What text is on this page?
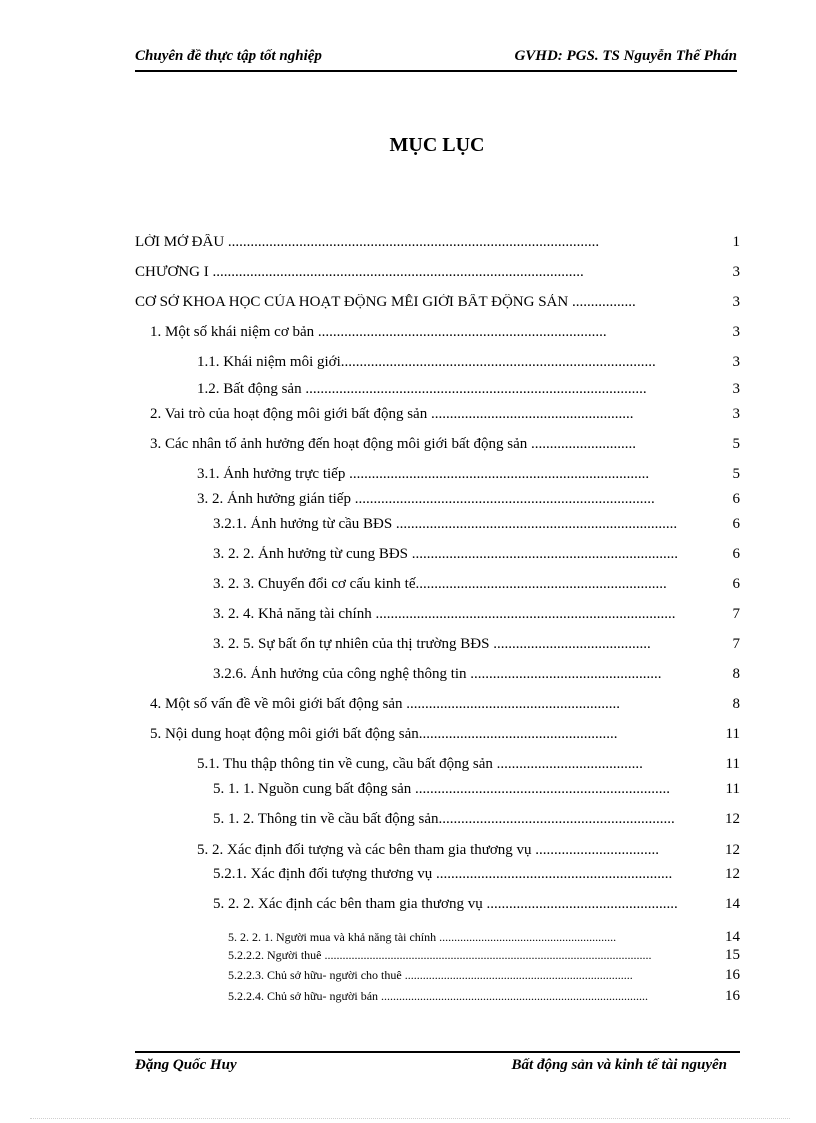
Chuyên đề thực tập tốt nghiệp	GVHD: PGS. TS Nguyễn Thế Phán
MỤC LỤC
LỜI MỞ ĐẦU ...................................................................................................	1
CHƯƠNG I ...................................................................................................	3
CƠ SỞ KHOA HỌC CỦA HOẠT ĐỘNG MỄI GIỚI BẤT ĐỘNG SẢN .................	3
1. Một số khái niệm cơ bản .............................................................................	3
1.1. Khái niệm môi giới....................................................................................	3
1.2. Bất động sản ...........................................................................................	3
2. Vai trò của hoạt động môi giới bất động sản ......................................................	3
3. Các nhân tố ảnh hưởng đến hoạt động môi giới bất động sản ............................	5
3.1. Ảnh hưởng trực tiếp ................................................................................	5
3. 2. Ảnh hưởng gián tiếp ................................................................................	6
3.2.1. Ảnh hưởng từ cầu BĐS ...........................................................................	6
3. 2. 2. Ảnh hưởng từ cung BĐS .......................................................................	6
3. 2. 3. Chuyển đổi cơ cấu kinh tế...................................................................	6
3. 2. 4. Khả năng tài chính ................................................................................	7
3. 2. 5. Sự bất ổn tự nhiên của thị trường BĐS ..........................................	7
3.2.6. Ảnh hưởng của công nghệ thông tin ...................................................	8
4. Một số vấn đề về môi giới bất động sản .........................................................	8
5. Nội dung hoạt động môi giới bất động sản.....................................................	11
5.1. Thu thập thông tin về cung, cầu bất động sản .......................................	11
5. 1. 1. Nguồn cung bất động sản ....................................................................	11
5. 1. 2. Thông tin về cầu bất động sản...............................................................	12
5. 2. Xác định đối tượng và các bên tham gia thương vụ .................................	12
5.2.1. Xác định đối tượng thương vụ ...............................................................	12
5. 2. 2. Xác định các bên tham gia thương vụ ...................................................	14
5. 2. 2. 1. Người mua và khả năng tài chính ...........................................................	14
5.2.2.2. Người thuê .............................................................................................................	15
5.2.2.3. Chủ sở hữu- người cho thuê ............................................................................	16
5.2.2.4. Chủ sở hữu- người bán .........................................................................................	16
Đặng Quốc Huy	Bất động sản và kinh tế tài nguyên
